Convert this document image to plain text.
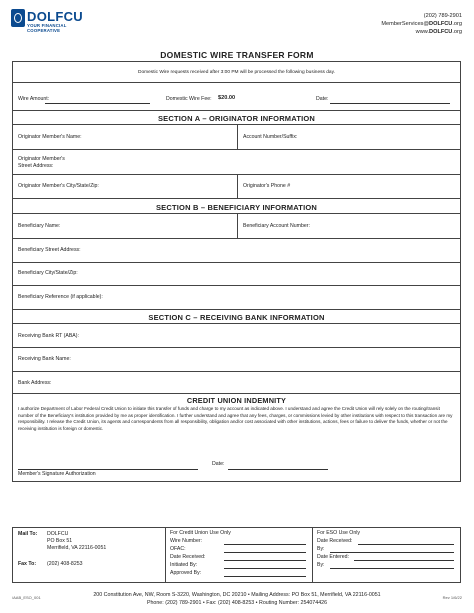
DOLFCU
YOUR FINANCIAL
COOPERATIVE
(202) 789-2901
MemberServices@DOLFCU.org
www.DOLFCU.org
DOMESTIC WIRE TRANSFER FORM
Domestic Wire requests received after 3:00 PM will be processed the following business day.
Wire Amount:	Domestic Wire Fee: $20.00	Date:
SECTION A – ORIGINATOR INFORMATION
Originator Member's Name:	Account Number/Suffix:
Originator Member's
Street Address:
Originator Member's City/State/Zip:	Originator's Phone #
SECTION B – BENEFICIARY INFORMATION
Beneficiary Name:	Beneficiary Account Number:
Beneficiary Street Address:
Beneficiary City/State/Zip:
Beneficiary Reference (if applicable):
SECTION C – RECEIVING BANK INFORMATION
Receiving Bank RT (ABA):
Receiving Bank Name:
Bank Address:
CREDIT UNION INDEMNITY
I authorize Department of Labor Federal Credit Union to initiate this transfer of funds and charge to my account as indicated above. I understand and agree the Credit Union will rely solely on the routing/transit number of the Beneficiary's institution provided by me as proper identification. I further understand and agree that any fees, charges, or commissions levied by other institutions with respect to this transaction are my responsibility. I release the Credit Union, its agents and correspondents from all responsibility, obligation and/or cost associated with other institutions, actions, fees or failure to deliver the funds, whether or not the receiving institution is foreign or domestic.
Date:
Member's Signature Authorization
Mail To: DOLFCU
PO Box 51
Merrifield, VA 22116-0051
Fax To: (202) 408-8253
For Credit Union Use Only
Wire Number:
OFAC:
Date Received:
Initiated By:
Approved By:
For ESO Use Only
Date Received:
By:
Date Entered:
By:
/AAB_ESO_001	Rev 1/6/22
200 Constitution Ave, NW, Room S-3220, Washington, DC 20210 • Mailing Address: PO Box 51, Merrifield, VA 22116-0051
Phone: (202) 789-2901 • Fax: (202) 408-8253 • Routing Number: 254074426
